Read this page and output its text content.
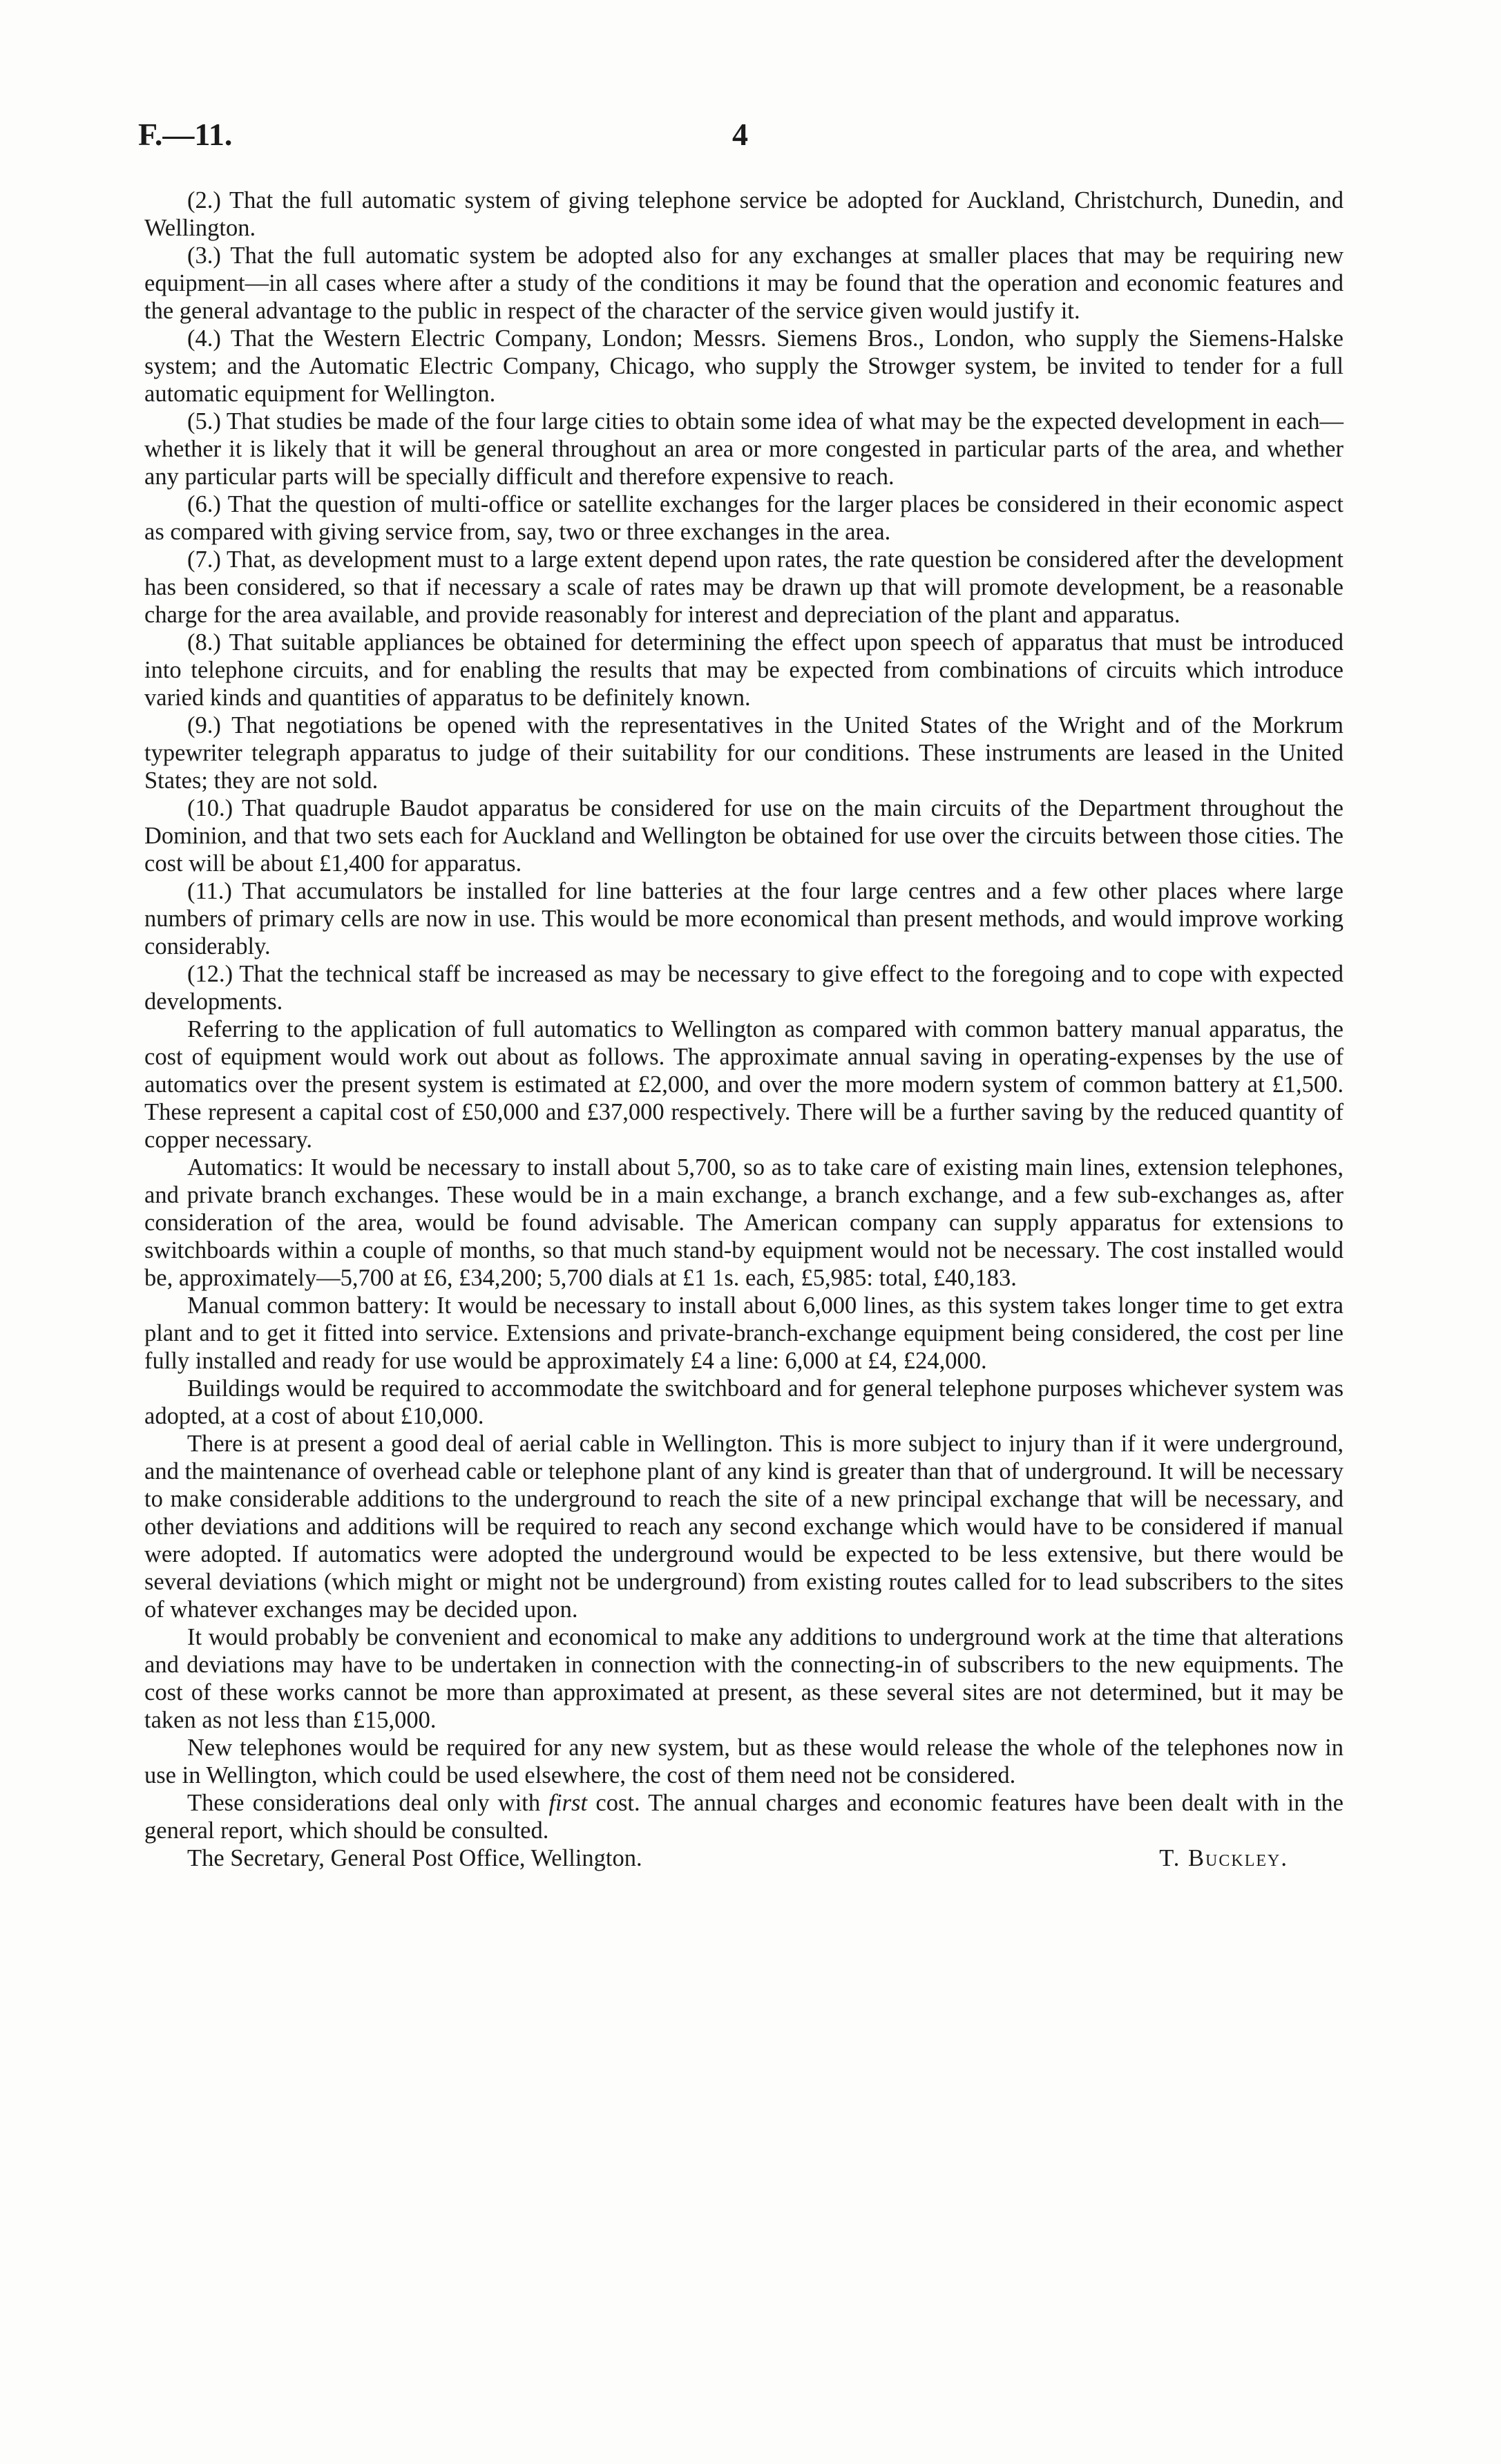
F.—11.	4

(2.) That the full automatic system of giving telephone service be adopted for Auckland, Christchurch, Dunedin, and Wellington.

(3.) That the full automatic system be adopted also for any exchanges at smaller places that may be requiring new equipment—in all cases where after a study of the conditions it may be found that the operation and economic features and the general advantage to the public in respect of the character of the service given would justify it.

(4.) That the Western Electric Company, London; Messrs. Siemens Bros., London, who supply the Siemens-Halske system; and the Automatic Electric Company, Chicago, who supply the Strowger system, be invited to tender for a full automatic equipment for Wellington.

(5.) That studies be made of the four large cities to obtain some idea of what may be the expected development in each—whether it is likely that it will be general throughout an area or more congested in particular parts of the area, and whether any particular parts will be specially difficult and therefore expensive to reach.

(6.) That the question of multi-office or satellite exchanges for the larger places be considered in their economic aspect as compared with giving service from, say, two or three exchanges in the area.

(7.) That, as development must to a large extent depend upon rates, the rate question be considered after the development has been considered, so that if necessary a scale of rates may be drawn up that will promote development, be a reasonable charge for the area available, and provide reasonably for interest and depreciation of the plant and apparatus.

(8.) That suitable appliances be obtained for determining the effect upon speech of apparatus that must be introduced into telephone circuits, and for enabling the results that may be expected from combinations of circuits which introduce varied kinds and quantities of apparatus to be definitely known.

(9.) That negotiations be opened with the representatives in the United States of the Wright and of the Morkrum typewriter telegraph apparatus to judge of their suitability for our conditions. These instruments are leased in the United States; they are not sold.

(10.) That quadruple Baudot apparatus be considered for use on the main circuits of the Department throughout the Dominion, and that two sets each for Auckland and Wellington be obtained for use over the circuits between those cities. The cost will be about £1,400 for apparatus.

(11.) That accumulators be installed for line batteries at the four large centres and a few other places where large numbers of primary cells are now in use. This would be more economical than present methods, and would improve working considerably.

(12.) That the technical staff be increased as may be necessary to give effect to the foregoing and to cope with expected developments.

Referring to the application of full automatics to Wellington as compared with common battery manual apparatus, the cost of equipment would work out about as follows. The approximate annual saving in operating-expenses by the use of automatics over the present system is estimated at £2,000, and over the more modern system of common battery at £1,500. These represent a capital cost of £50,000 and £37,000 respectively. There will be a further saving by the reduced quantity of copper necessary.

Automatics: It would be necessary to install about 5,700, so as to take care of existing main lines, extension telephones, and private branch exchanges. These would be in a main exchange, a branch exchange, and a few sub-exchanges as, after consideration of the area, would be found advisable. The American company can supply apparatus for extensions to switchboards within a couple of months, so that much stand-by equipment would not be necessary. The cost installed would be, approximately—5,700 at £6, £34,200; 5,700 dials at £1 1s. each, £5,985: total, £40,183.

Manual common battery: It would be necessary to install about 6,000 lines, as this system takes longer time to get extra plant and to get it fitted into service. Extensions and private-branch-exchange equipment being considered, the cost per line fully installed and ready for use would be approximately £4 a line: 6,000 at £4, £24,000.

Buildings would be required to accommodate the switchboard and for general telephone purposes whichever system was adopted, at a cost of about £10,000.

There is at present a good deal of aerial cable in Wellington. This is more subject to injury than if it were underground, and the maintenance of overhead cable or telephone plant of any kind is greater than that of underground. It will be necessary to make considerable additions to the underground to reach the site of a new principal exchange that will be necessary, and other deviations and additions will be required to reach any second exchange which would have to be considered if manual were adopted. If automatics were adopted the underground would be expected to be less extensive, but there would be several deviations (which might or might not be underground) from existing routes called for to lead subscribers to the sites of whatever exchanges may be decided upon.

It would probably be convenient and economical to make any additions to underground work at the time that alterations and deviations may have to be undertaken in connection with the connecting-in of subscribers to the new equipments. The cost of these works cannot be more than approximated at present, as these several sites are not determined, but it may be taken as not less than £15,000.

New telephones would be required for any new system, but as these would release the whole of the telephones now in use in Wellington, which could be used elsewhere, the cost of them need not be considered.

These considerations deal only with first cost. The annual charges and economic features have been dealt with in the general report, which should be consulted.

The Secretary, General Post Office, Wellington.	T. Buckley.
